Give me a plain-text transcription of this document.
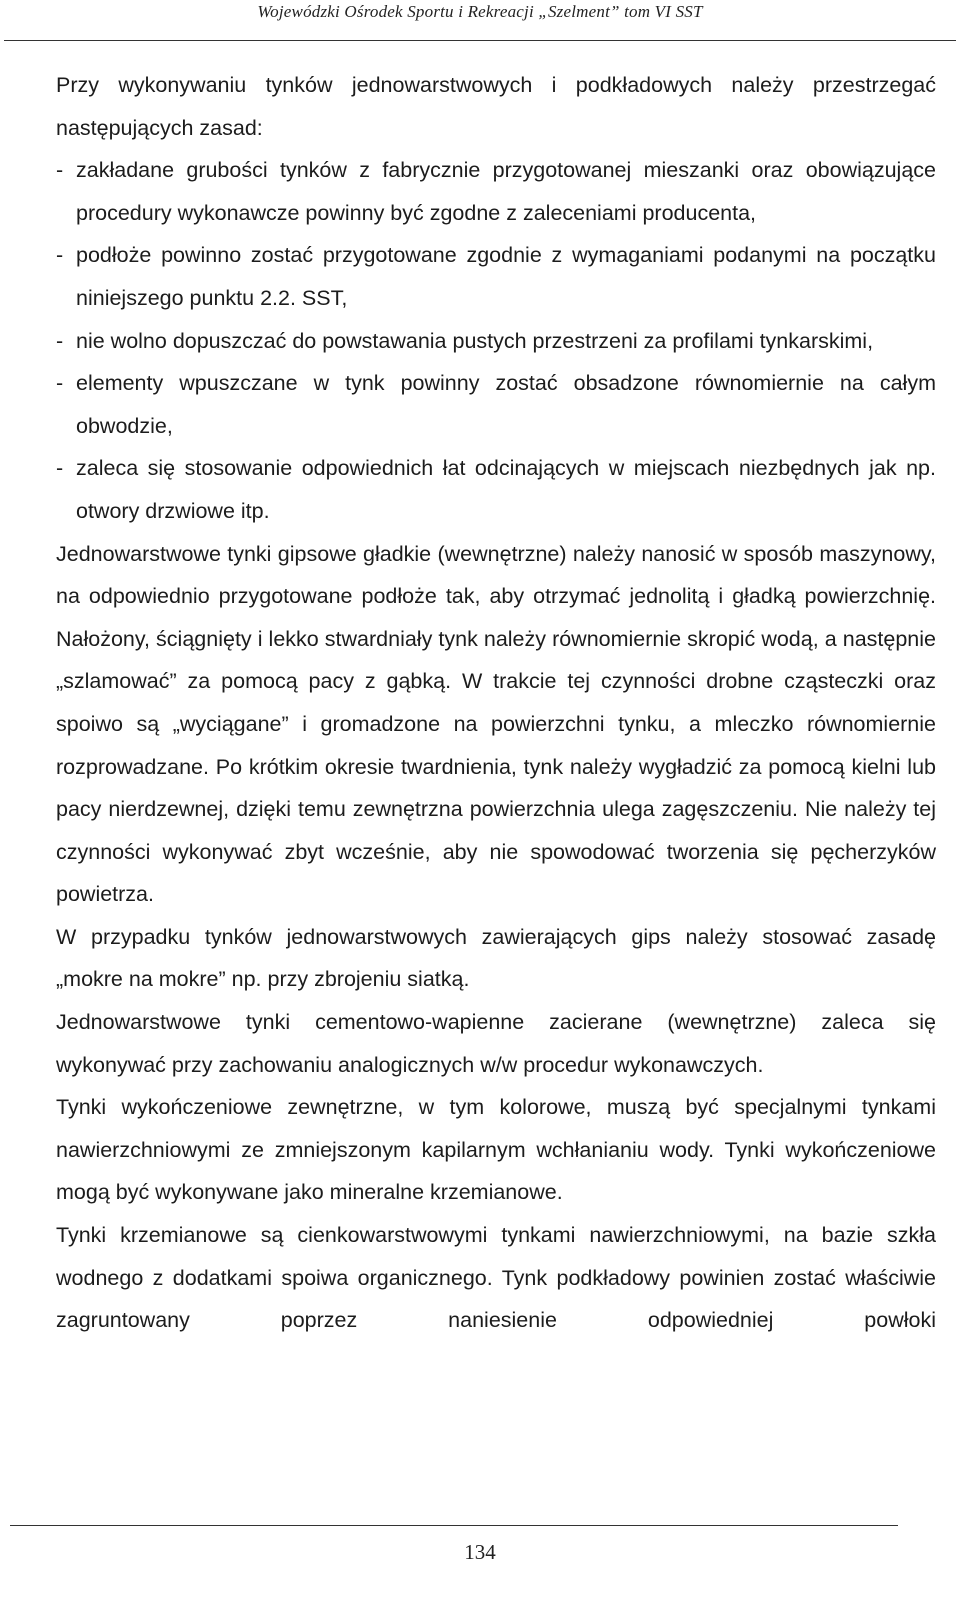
Wojewódzki Ośrodek Sportu i Rekreacji „Szelment” tom VI SST

Przy wykonywaniu tynków jednowarstwowych i podkładowych należy przestrzegać następujących zasad:

- zakładane grubości tynków z fabrycznie przygotowanej mieszanki oraz obowiązujące procedury wykonawcze powinny być zgodne z zaleceniami producenta,

- podłoże powinno zostać przygotowane zgodnie z wymaganiami podanymi na początku niniejszego punktu 2.2. SST,

- nie wolno dopuszczać do powstawania pustych przestrzeni za profilami tynkarskimi,

- elementy wpuszczane w tynk powinny zostać obsadzone równomiernie na całym obwodzie,

- zaleca się stosowanie odpowiednich łat odcinających w miejscach niezbędnych jak np. otwory drzwiowe itp.

Jednowarstwowe tynki gipsowe gładkie (wewnętrzne) należy nanosić w sposób maszynowy, na odpowiednio przygotowane podłoże tak, aby otrzymać jednolitą i gładką powierzchnię. Nałożony, ściągnięty i lekko stwardniały tynk należy równomiernie skropić wodą, a następnie „szlamować” za pomocą pacy z gąbką. W trakcie tej czynności drobne cząsteczki oraz spoiwo są „wyciągane” i gromadzone na powierzchni tynku, a mleczko równomiernie rozprowadzane. Po krótkim okresie twardnienia, tynk należy wygładzić za pomocą kielni lub pacy nierdzewnej, dzięki temu zewnętrzna powierzchnia ulega zagęszczeniu. Nie należy tej czynności wykonywać zbyt wcześnie, aby nie spowodować tworzenia się pęcherzyków powietrza.

W przypadku tynków jednowarstwowych zawierających gips należy stosować zasadę „mokre na mokre” np. przy zbrojeniu siatką.

Jednowarstwowe tynki cementowo-wapienne zacierane (wewnętrzne) zaleca się wykonywać przy zachowaniu analogicznych w/w procedur wykonawczych.

Tynki wykończeniowe zewnętrzne, w tym kolorowe, muszą być specjalnymi tynkami nawierzchniowymi ze zmniejszonym kapilarnym wchłanianiu wody. Tynki wykończeniowe mogą być wykonywane jako mineralne krzemianowe.

Tynki krzemianowe są cienkowarstwowymi tynkami nawierzchniowymi, na bazie szkła wodnego z dodatkami spoiwa organicznego. Tynk podkładowy powinien zostać właściwie zagruntowany poprzez naniesienie odpowiedniej powłoki

134
